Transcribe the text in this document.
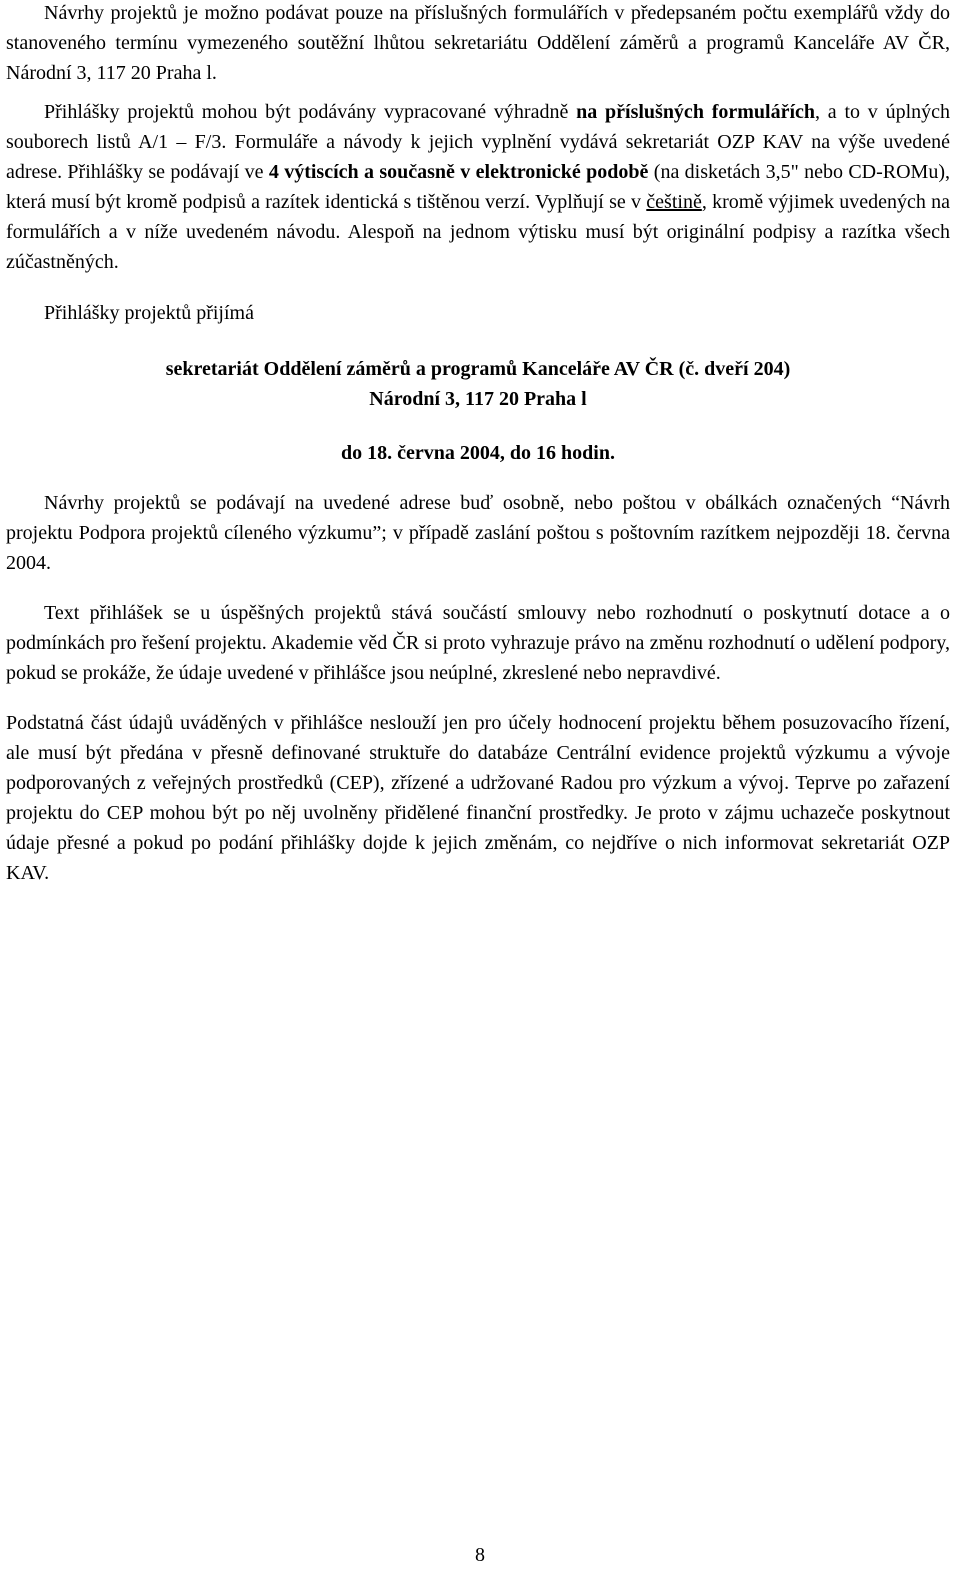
Návrhy projektů je možno podávat pouze na příslušných formulářích v předepsaném počtu exemplářů vždy do stanoveného termínu vymezeného soutěžní lhůtou sekretariátu Oddělení záměrů a programů Kanceláře AV ČR, Národní 3, 117 20 Praha l.

Přihlášky projektů mohou být podávány vypracované výhradně na příslušných formulářích, a to v úplných souborech listů A/1 – F/3. Formuláře a návody k jejich vyplnění vydává sekretariát OZP KAV na výše uvedené adrese. Přihlášky se podávají ve 4 výtiscích a současně v elektronické podobě (na disketách 3,5" nebo CD-ROMu), která musí být kromě podpisů a razítek identická s tištěnou verzí. Vyplňují se v češtině, kromě výjimek uvedených na formulářích a v níže uvedeném návodu. Alespoň na jednom výtisku musí být originální podpisy a razítka všech zúčastněných.

Přihlášky projektů přijímá

sekretariát Oddělení záměrů a programů Kanceláře AV ČR (č. dveří 204)
Národní 3, 117 20 Praha l
do 18. června 2004, do 16 hodin.

Návrhy projektů se podávají na uvedené adrese buď osobně, nebo poštou v obálkách označených “Návrh projektu Podpora projektů cíleného výzkumu”; v případě zaslání poštou s poštovním razítkem nejpozději 18. června 2004.

Text přihlášek se u úspěšných projektů stává součástí smlouvy nebo rozhodnutí o poskytnutí dotace a o podmínkách pro řešení projektu. Akademie věd ČR si proto vyhrazuje právo na změnu rozhodnutí o udělení podpory, pokud se prokáže, že údaje uvedené v přihlášce jsou neúplné, zkreslené nebo nepravdivé.

Podstatná část údajů uváděných v přihlášce neslouží jen pro účely hodnocení projektu během posuzovacího řízení, ale musí být předána v přesně definované struktuře do databáze Centrální evidence projektů výzkumu a vývoje podporovaných z veřejných prostředků (CEP), zřízené a udržované Radou pro výzkum a vývoj. Teprve po zařazení projektu do CEP mohou být po něj uvolněny přidělené finanční prostředky. Je proto v zájmu uchazeče poskytnout údaje přesné a pokud po podání přihlášky dojde k jejich změnám, co nejdříve o nich informovat sekretariát OZP KAV.

8
